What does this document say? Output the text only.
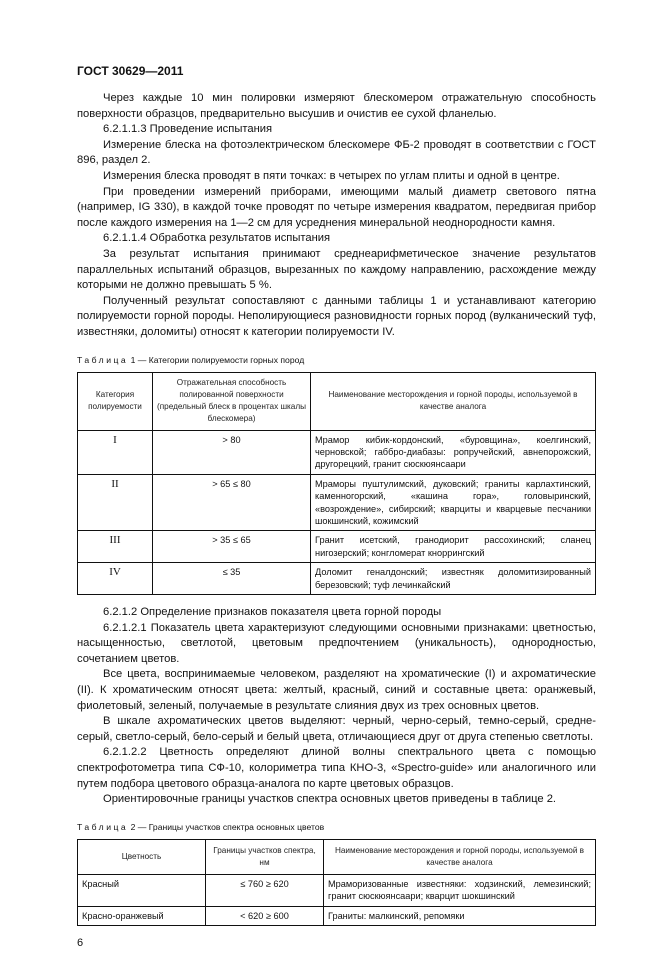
ГОСТ 30629—2011

Через каждые 10 мин полировки измеряют блескомером отражательную способность поверхности образцов, предварительно высушив и очистив ее сухой фланелью.

6.2.1.1.3 Проведение испытания

Измерение блеска на фотоэлектрическом блескомере ФБ-2 проводят в соответствии с ГОСТ 896, раздел 2.

Измерения блеска проводят в пяти точках: в четырех по углам плиты и одной в центре.

При проведении измерений приборами, имеющими малый диаметр светового пятна (например, IG 330), в каждой точке проводят по четыре измерения квадратом, передвигая прибор после каждого измерения на 1—2 см для усреднения минеральной неоднородности камня.

6.2.1.1.4 Обработка результатов испытания

За результат испытания принимают среднеарифметическое значение результатов параллельных испытаний образцов, вырезанных по каждому направлению, расхождение между которыми не должно превышать 5 %.

Полученный результат сопоставляют с данными таблицы 1 и устанавливают категорию полируемости горной породы. Неполирующиеся разновидности горных пород (вулканический туф, известняки, доломиты) относят к категории полируемости IV.

Таблица 1 — Категории полируемости горных пород
Категория полируемости	Отражательная способность полированной поверхности (предельный блеск в процентах шкалы блескомера)	Наименование месторождения и горной породы, используемой в качестве аналога
I	> 80	Мрамор кибик-кордонский, «буровщина», коелгинский, черновской; габбро-диабазы: ропручейский, авнепорожский, другорецкий, гранит сюскюянсаари
II	> 65 ≤ 80	Мраморы пуштулимский, дуковский; граниты карлахтинский, каменногорский, «кашина гора», головыринский, «возрождение», сибирский; кварциты и кварцевые песчаники шокшинский, кожимский
III	> 35 ≤ 65	Гранит исетский, гранодиорит рассохинский; сланец нигозерский; конгломерат кноррингский
IV	≤ 35	Доломит геналдонский; известняк доломитизированный березовский; туф лечинкайский

6.2.1.2 Определение признаков показателя цвета горной породы

6.2.1.2.1 Показатель цвета характеризуют следующими основными признаками: цветностью, насыщенностью, светлотой, цветовым предпочтением (уникальность), однородностью, сочетанием цветов.

Все цвета, воспринимаемые человеком, разделяют на хроматические (I) и ахроматические (II). К хроматическим относят цвета: желтый, красный, синий и составные цвета: оранжевый, фиолетовый, зеленый, получаемые в результате слияния двух из трех основных цветов.

В шкале ахроматических цветов выделяют: черный, черно-серый, темно-серый, средне-серый, светло-серый, бело-серый и белый цвета, отличающиеся друг от друга степенью светлоты.

6.2.1.2.2 Цветность определяют длиной волны спектрального цвета с помощью спектрофотометра типа СФ-10, колориметра типа КНО-3, «Spectro-guide» или аналогичного или путем подбора цветового образца-аналога по карте цветовых образцов.

Ориентировочные границы участков спектра основных цветов приведены в таблице 2.

Таблица 2 — Границы участков спектра основных цветов
Цветность	Границы участков спектра, нм	Наименование месторождения и горной породы, используемой в качестве аналога
Красный	≤ 760 ≥ 620	Мраморизованные известняки: ходзинский, лемезинский; гранит сюскюянсаари; кварцит шокшинский
Красно-оранжевый	< 620 ≥ 600	Граниты: малкинский, репомяки
6
